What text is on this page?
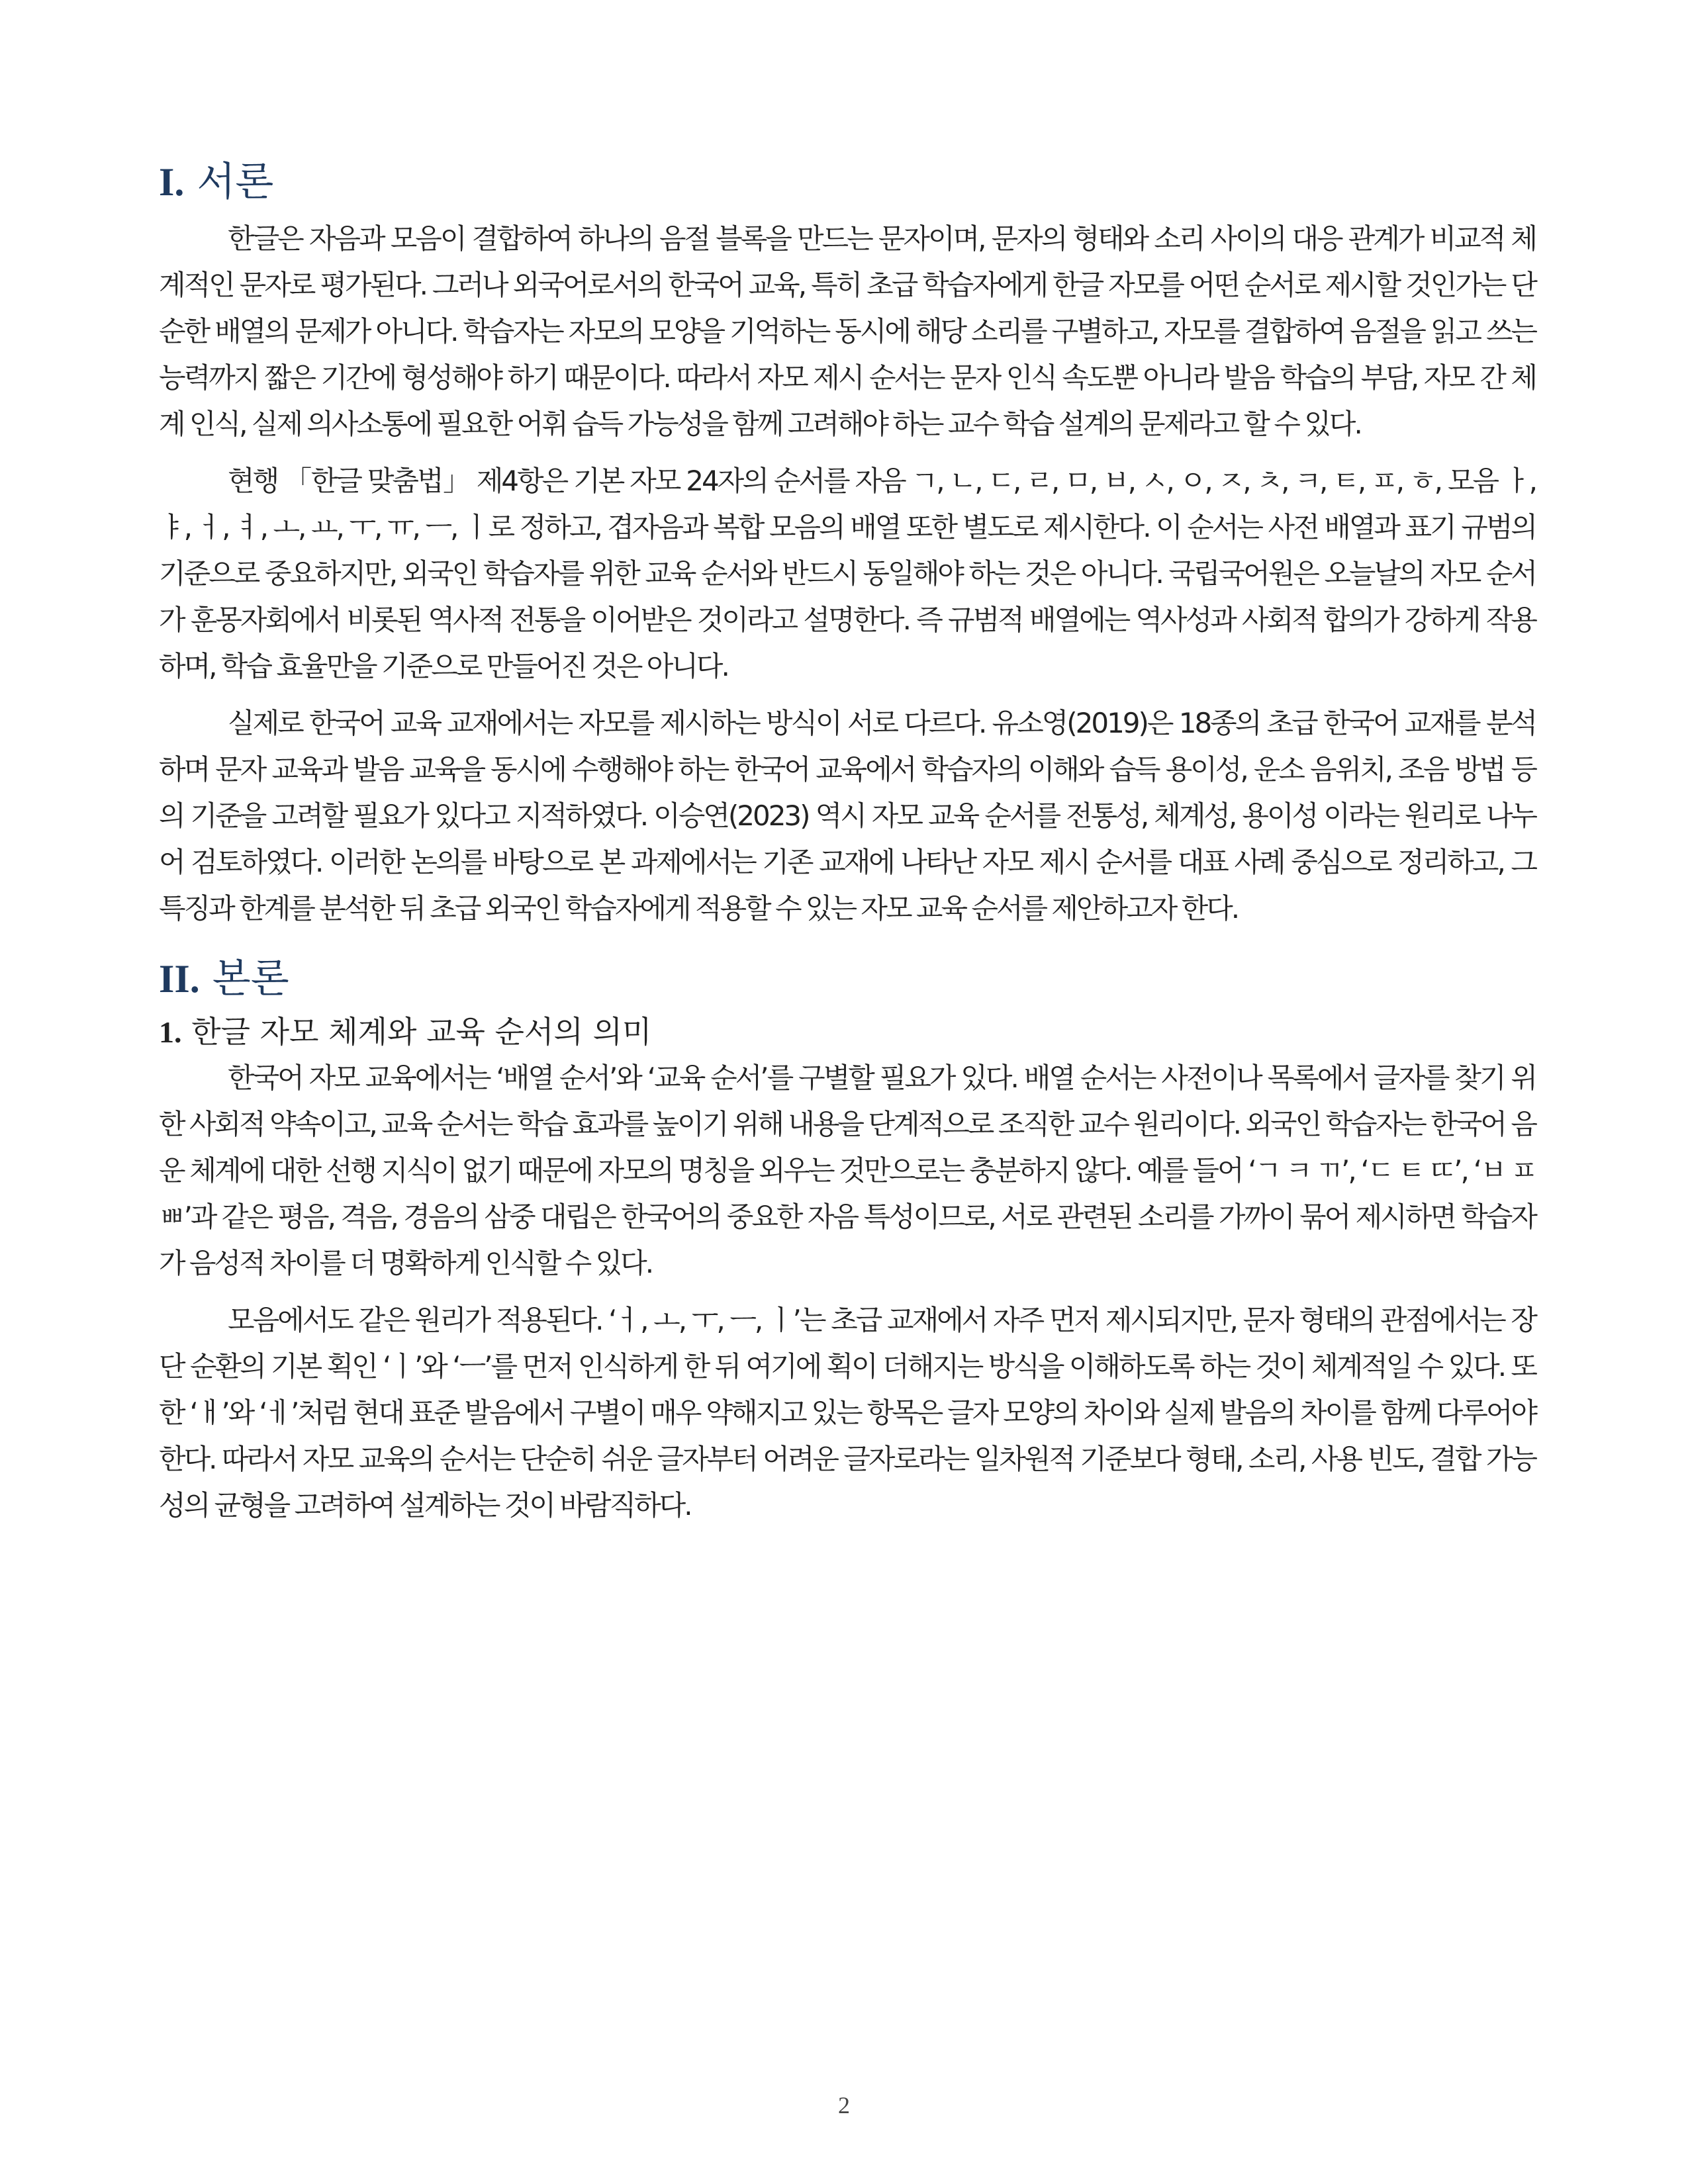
I. 서론

한글은 자음과 모음이 결합하여 하나의 음절 블록을 만드는 문자이며, 문자의 형태와 소리 사이의 대응 관계가 비교적 체계적인 문자로 평가된다. 그러나 외국어로서의 한국어 교육, 특히 초급 학습자에게 한글 자모를 어떤 순서로 제시할 것인가는 단순한 배열의 문제가 아니다. 학습자는 자모의 모양을 기억하는 동시에 해당 소리를 구별하고, 자모를 결합하여 음절을 읽고 쓰는 능력까지 짧은 기간에 형성해야 하기 때문이다. 따라서 자모 제시 순서는 문자 인식 속도뿐 아니라 발음 학습의 부담, 자모 간 체계 인식, 실제 의사소통에 필요한 어휘 습득 가능성을 함께 고려해야 하는 교수 학습 설계의 문제라고 할 수 있다.

현행 「한글 맞춤법」 제4항은 기본 자모 24자의 순서를 자음 ㄱ, ㄴ, ㄷ, ㄹ, ㅁ, ㅂ, ㅅ, ㅇ, ㅈ, ㅊ, ㅋ, ㅌ, ㅍ, ㅎ, 모음 ㅏ, ㅑ, ㅓ, ㅕ, ㅗ, ㅛ, ㅜ, ㅠ, ㅡ, ㅣ로 정하고, 겹자음과 복합 모음의 배열 또한 별도로 제시한다. 이 순서는 사전 배열과 표기 규범의 기준으로 중요하지만, 외국인 학습자를 위한 교육 순서와 반드시 동일해야 하는 것은 아니다. 국립국어원은 오늘날의 자모 순서가 훈몽자회에서 비롯된 역사적 전통을 이어받은 것이라고 설명한다. 즉 규범적 배열에는 역사성과 사회적 합의가 강하게 작용하며, 학습 효율만을 기준으로 만들어진 것은 아니다.

실제로 한국어 교육 교재에서는 자모를 제시하는 방식이 서로 다르다. 유소영(2019)은 18종의 초급 한국어 교재를 분석하며 문자 교육과 발음 교육을 동시에 수행해야 하는 한국어 교육에서 학습자의 이해와 습득 용이성, 운소 음위치, 조음 방법 등의 기준을 고려할 필요가 있다고 지적하였다. 이승연(2023) 역시 자모 교육 순서를 전통성, 체계성, 용이성 이라는 원리로 나누어 검토하였다. 이러한 논의를 바탕으로 본 과제에서는 기존 교재에 나타난 자모 제시 순서를 대표 사례 중심으로 정리하고, 그 특징과 한계를 분석한 뒤 초급 외국인 학습자에게 적용할 수 있는 자모 교육 순서를 제안하고자 한다.

II. 본론
1. 한글 자모 체계와 교육 순서의 의미

한국어 자모 교육에서는 ‘배열 순서’와 ‘교육 순서’를 구별할 필요가 있다. 배열 순서는 사전이나 목록에서 글자를 찾기 위한 사회적 약속이고, 교육 순서는 학습 효과를 높이기 위해 내용을 단계적으로 조직한 교수 원리이다. 외국인 학습자는 한국어 음운 체계에 대한 선행 지식이 없기 때문에 자모의 명칭을 외우는 것만으로는 충분하지 않다. 예를 들어 ‘ㄱ ㅋ ㄲ’, ‘ㄷ ㅌ ㄸ’, ‘ㅂ ㅍ ㅃ’과 같은 평음, 격음, 경음의 삼중 대립은 한국어의 중요한 자음 특성이므로, 서로 관련된 소리를 가까이 묶어 제시하면 학습자가 음성적 차이를 더 명확하게 인식할 수 있다.

모음에서도 같은 원리가 적용된다. ‘ㅓ, ㅗ, ㅜ, ㅡ, ㅣ’는 초급 교재에서 자주 먼저 제시되지만, 문자 형태의 관점에서는 장단 순환의 기본 획인 ‘ㅣ’와 ‘ㅡ’를 먼저 인식하게 한 뒤 여기에 획이 더해지는 방식을 이해하도록 하는 것이 체계적일 수 있다. 또한 ‘ㅐ’와 ‘ㅔ’처럼 현대 표준 발음에서 구별이 매우 약해지고 있는 항목은 글자 모양의 차이와 실제 발음의 차이를 함께 다루어야 한다. 따라서 자모 교육의 순서는 단순히 쉬운 글자부터 어려운 글자로라는 일차원적 기준보다 형태, 소리, 사용 빈도, 결합 가능성의 균형을 고려하여 설계하는 것이 바람직하다.

2
